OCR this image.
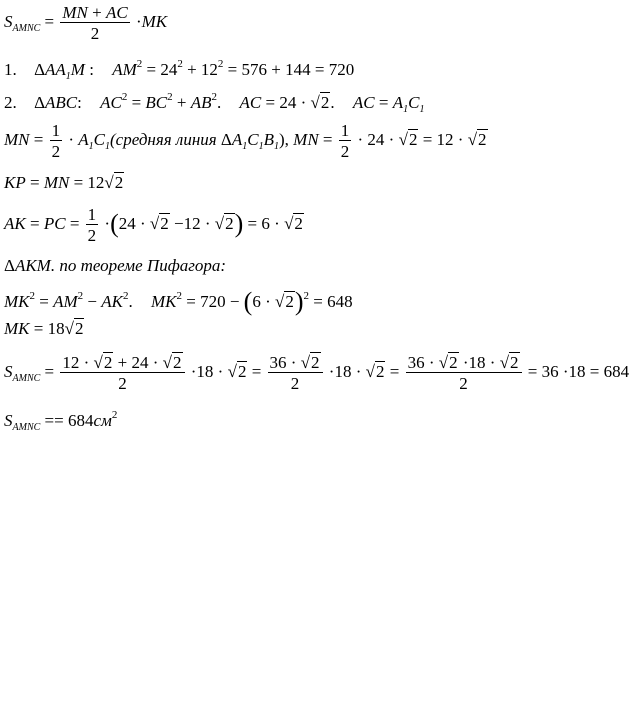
$S_{AMNC} = \frac{MN + AC}{2} \cdot MK$
1. $\Delta AA_1M$ : $AM^2 = 24^2 + 12^2 = 576 + 144 = 720$
2. ΔABC: $AC^2 = BC^2 + AB^2$. AC = 24 · √2. AC = $A_1C_1$
MN = $\frac{1}{2}$ · $A_1C_1(средняя$ линия $\Delta A_1C_1B_1$), MN = $\frac{1}{2} \cdot 24 \cdot √2 = 12 \cdot √2$
KP = MN = 12√2
AK = PC = $\frac{1}{2} \cdot(24 \cdot √2 -12 \cdot √2) = 6 \cdot √2$
ΔAKM. по теореме Пифагора:
$MK^2 = AM^2 - AK^2$. $MK^2 = 720 - (6 \cdot √2)^2 = 648$
MK = 18√2
$S_{AMNC} = \frac{12 \cdot √2 + 24 \cdot √2}{2} \cdot 18 \cdot √2 = \frac{36 \cdot √2}{2} \cdot 18 \cdot √2 = \frac{36 \cdot √2 \cdot 18 \cdot √2}{2} = 36 \cdot 18 = 684$
$S_{AMNC} == 684см^2$
